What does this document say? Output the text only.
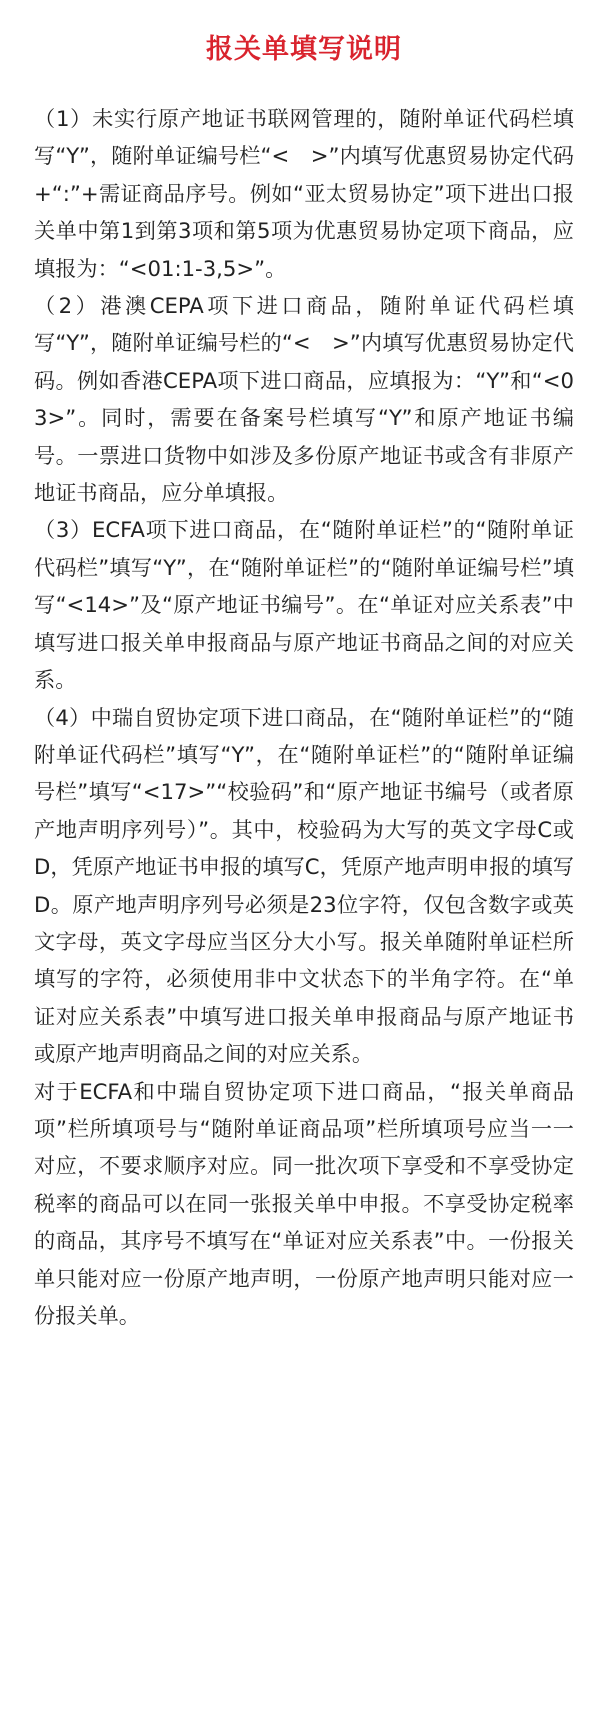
报关单填写说明

（1）未实行原产地证书联网管理的，随附单证代码栏填写“Y”，随附单证编号栏“<　>”内填写优惠贸易协定代码+“:”+需证商品序号。例如“亚太贸易协定”项下进出口报关单中第1到第3项和第5项为优惠贸易协定项下商品，应填报为：“<01:1-3,5>”。

（2）港澳CEPA项下进口商品，随附单证代码栏填写“Y”，随附单证编号栏的“<　>”内填写优惠贸易协定代码。例如香港CEPA项下进口商品，应填报为：“Y”和“<03>”。同时，需要在备案号栏填写“Y”和原产地证书编号。一票进口货物中如涉及多份原产地证书或含有非原产地证书商品，应分单填报。

（3）ECFA项下进口商品，在“随附单证栏”的“随附单证代码栏”填写“Y”，在“随附单证栏”的“随附单证编号栏”填写“<14>”及“原产地证书编号”。在“单证对应关系表”中填写进口报关单申报商品与原产地证书商品之间的对应关系。

（4）中瑞自贸协定项下进口商品，在“随附单证栏”的“随附单证代码栏”填写“Y”，在“随附单证栏”的“随附单证编号栏”填写“<17>”“校验码”和“原产地证书编号（或者原产地声明序列号）”。其中，校验码为大写的英文字母C或D，凭原产地证书申报的填写C，凭原产地声明申报的填写D。原产地声明序列号必须是23位字符，仅包含数字或英文字母，英文字母应当区分大小写。报关单随附单证栏所填写的字符，必须使用非中文状态下的半角字符。在“单证对应关系表”中填写进口报关单申报商品与原产地证书或原产地声明商品之间的对应关系。

对于ECFA和中瑞自贸协定项下进口商品，“报关单商品项”栏所填项号与“随附单证商品项”栏所填项号应当一一对应，不要求顺序对应。同一批次项下享受和不享受协定税率的商品可以在同一张报关单中申报。不享受协定税率的商品，其序号不填写在“单证对应关系表”中。一份报关单只能对应一份原产地声明，一份原产地声明只能对应一份报关单。
